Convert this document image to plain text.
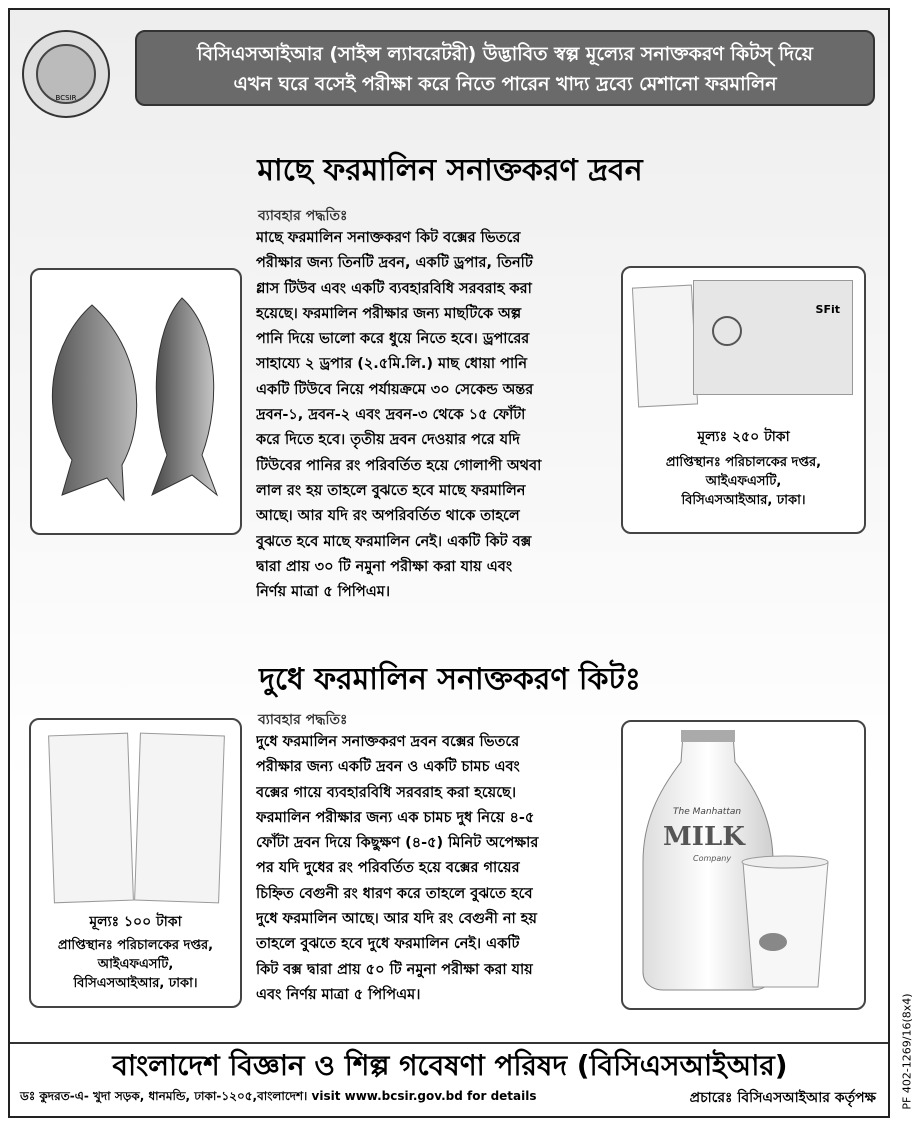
PF 402-1269/16(8x4)
BCSIR
বিসিএসআইআর (সাইন্স ল্যাবরেটরী) উদ্ভাবিত স্বল্প মূল্যের সনাক্তকরণ কিটস্ দিয়ে
এখন ঘরে বসেই পরীক্ষা করে নিতে পারেন খাদ্য দ্রব্যে মেশানো ফরমালিন
মাছে ফরমালিন সনাক্তকরণ দ্রবন
ব্যাবহার পদ্ধতিঃ
মাছে ফরমালিন সনাক্তকরণ কিট বক্সের ভিতরে
পরীক্ষার জন্য তিনটি দ্রবন, একটি ড্রপার, তিনটি
গ্লাস টিউব এবং একটি ব্যবহারবিধি সরবরাহ করা
হয়েছে। ফরমালিন পরীক্ষার জন্য মাছটিকে অল্প
পানি দিয়ে ভালো করে ধুয়ে নিতে হবে। ড্রপারের
সাহায্যে ২ ড্রপার (২.৫মি.লি.) মাছ ধোয়া পানি
একটি টিউবে নিয়ে পর্যায়ক্রমে ৩০ সেকেন্ড অন্তর
দ্রবন-১, দ্রবন-২ এবং দ্রবন-৩ থেকে ১৫ ফোঁটা
করে দিতে হবে। তৃতীয় দ্রবন দেওয়ার পরে যদি
টিউবের পানির রং পরিবর্তিত হয়ে গোলাপী অথবা
লাল রং হয় তাহলে বুঝতে হবে মাছে ফরমালিন
আছে। আর যদি রং অপরিবর্তিত থাকে তাহলে
বুঝতে হবে মাছে ফরমালিন নেই। একটি কিট বক্স
দ্বারা প্রায় ৩০ টি নমুনা পরীক্ষা করা যায় এবং
নির্ণয় মাত্রা ৫ পিপিএম।
SFit
মূল্যঃ ২৫০ টাকা
প্রাপ্তিস্থানঃ পরিচালকের দপ্তর,
আইএফএসটি,
বিসিএসআইআর, ঢাকা।
দুধে ফরমালিন সনাক্তকরণ কিটঃ
ব্যাবহার পদ্ধতিঃ
দুধে ফরমালিন সনাক্তকরণ দ্রবন বক্সের ভিতরে
পরীক্ষার জন্য একটি দ্রবন ও একটি চামচ এবং
বক্সের গায়ে ব্যবহারবিধি সরবরাহ করা হয়েছে।
ফরমালিন পরীক্ষার জন্য এক চামচ দুধ নিয়ে ৪-৫
ফোঁটা দ্রবন দিয়ে কিছুক্ষণ (৪-৫) মিনিট অপেক্ষার
পর যদি দুধের রং পরিবর্তিত হয়ে বক্সের গায়ের
চিহ্নিত বেগুনী রং ধারণ করে তাহলে বুঝতে হবে
দুধে ফরমালিন আছে। আর যদি রং বেগুনী না হয়
তাহলে বুঝতে হবে দুধে ফরমালিন নেই। একটি
কিট বক্স দ্বারা প্রায় ৫০ টি নমুনা পরীক্ষা করা যায়
এবং নির্ণয় মাত্রা ৫ পিপিএম।
মূল্যঃ ১০০ টাকা
প্রাপ্তিস্থানঃ পরিচালকের দপ্তর,
আইএফএসটি,
বিসিএসআইআর, ঢাকা।
The Manhattan
MILK
Company
বাংলাদেশ বিজ্ঞান ও শিল্প গবেষণা পরিষদ (বিসিএসআইআর)
ডঃ কুদরত-এ- খুদা সড়ক, ধানমন্ডি, ঢাকা-১২০৫,বাংলাদেশ। visit www.bcsir.gov.bd for details	প্রচারেঃ বিসিএসআইআর কর্তৃপক্ষ
